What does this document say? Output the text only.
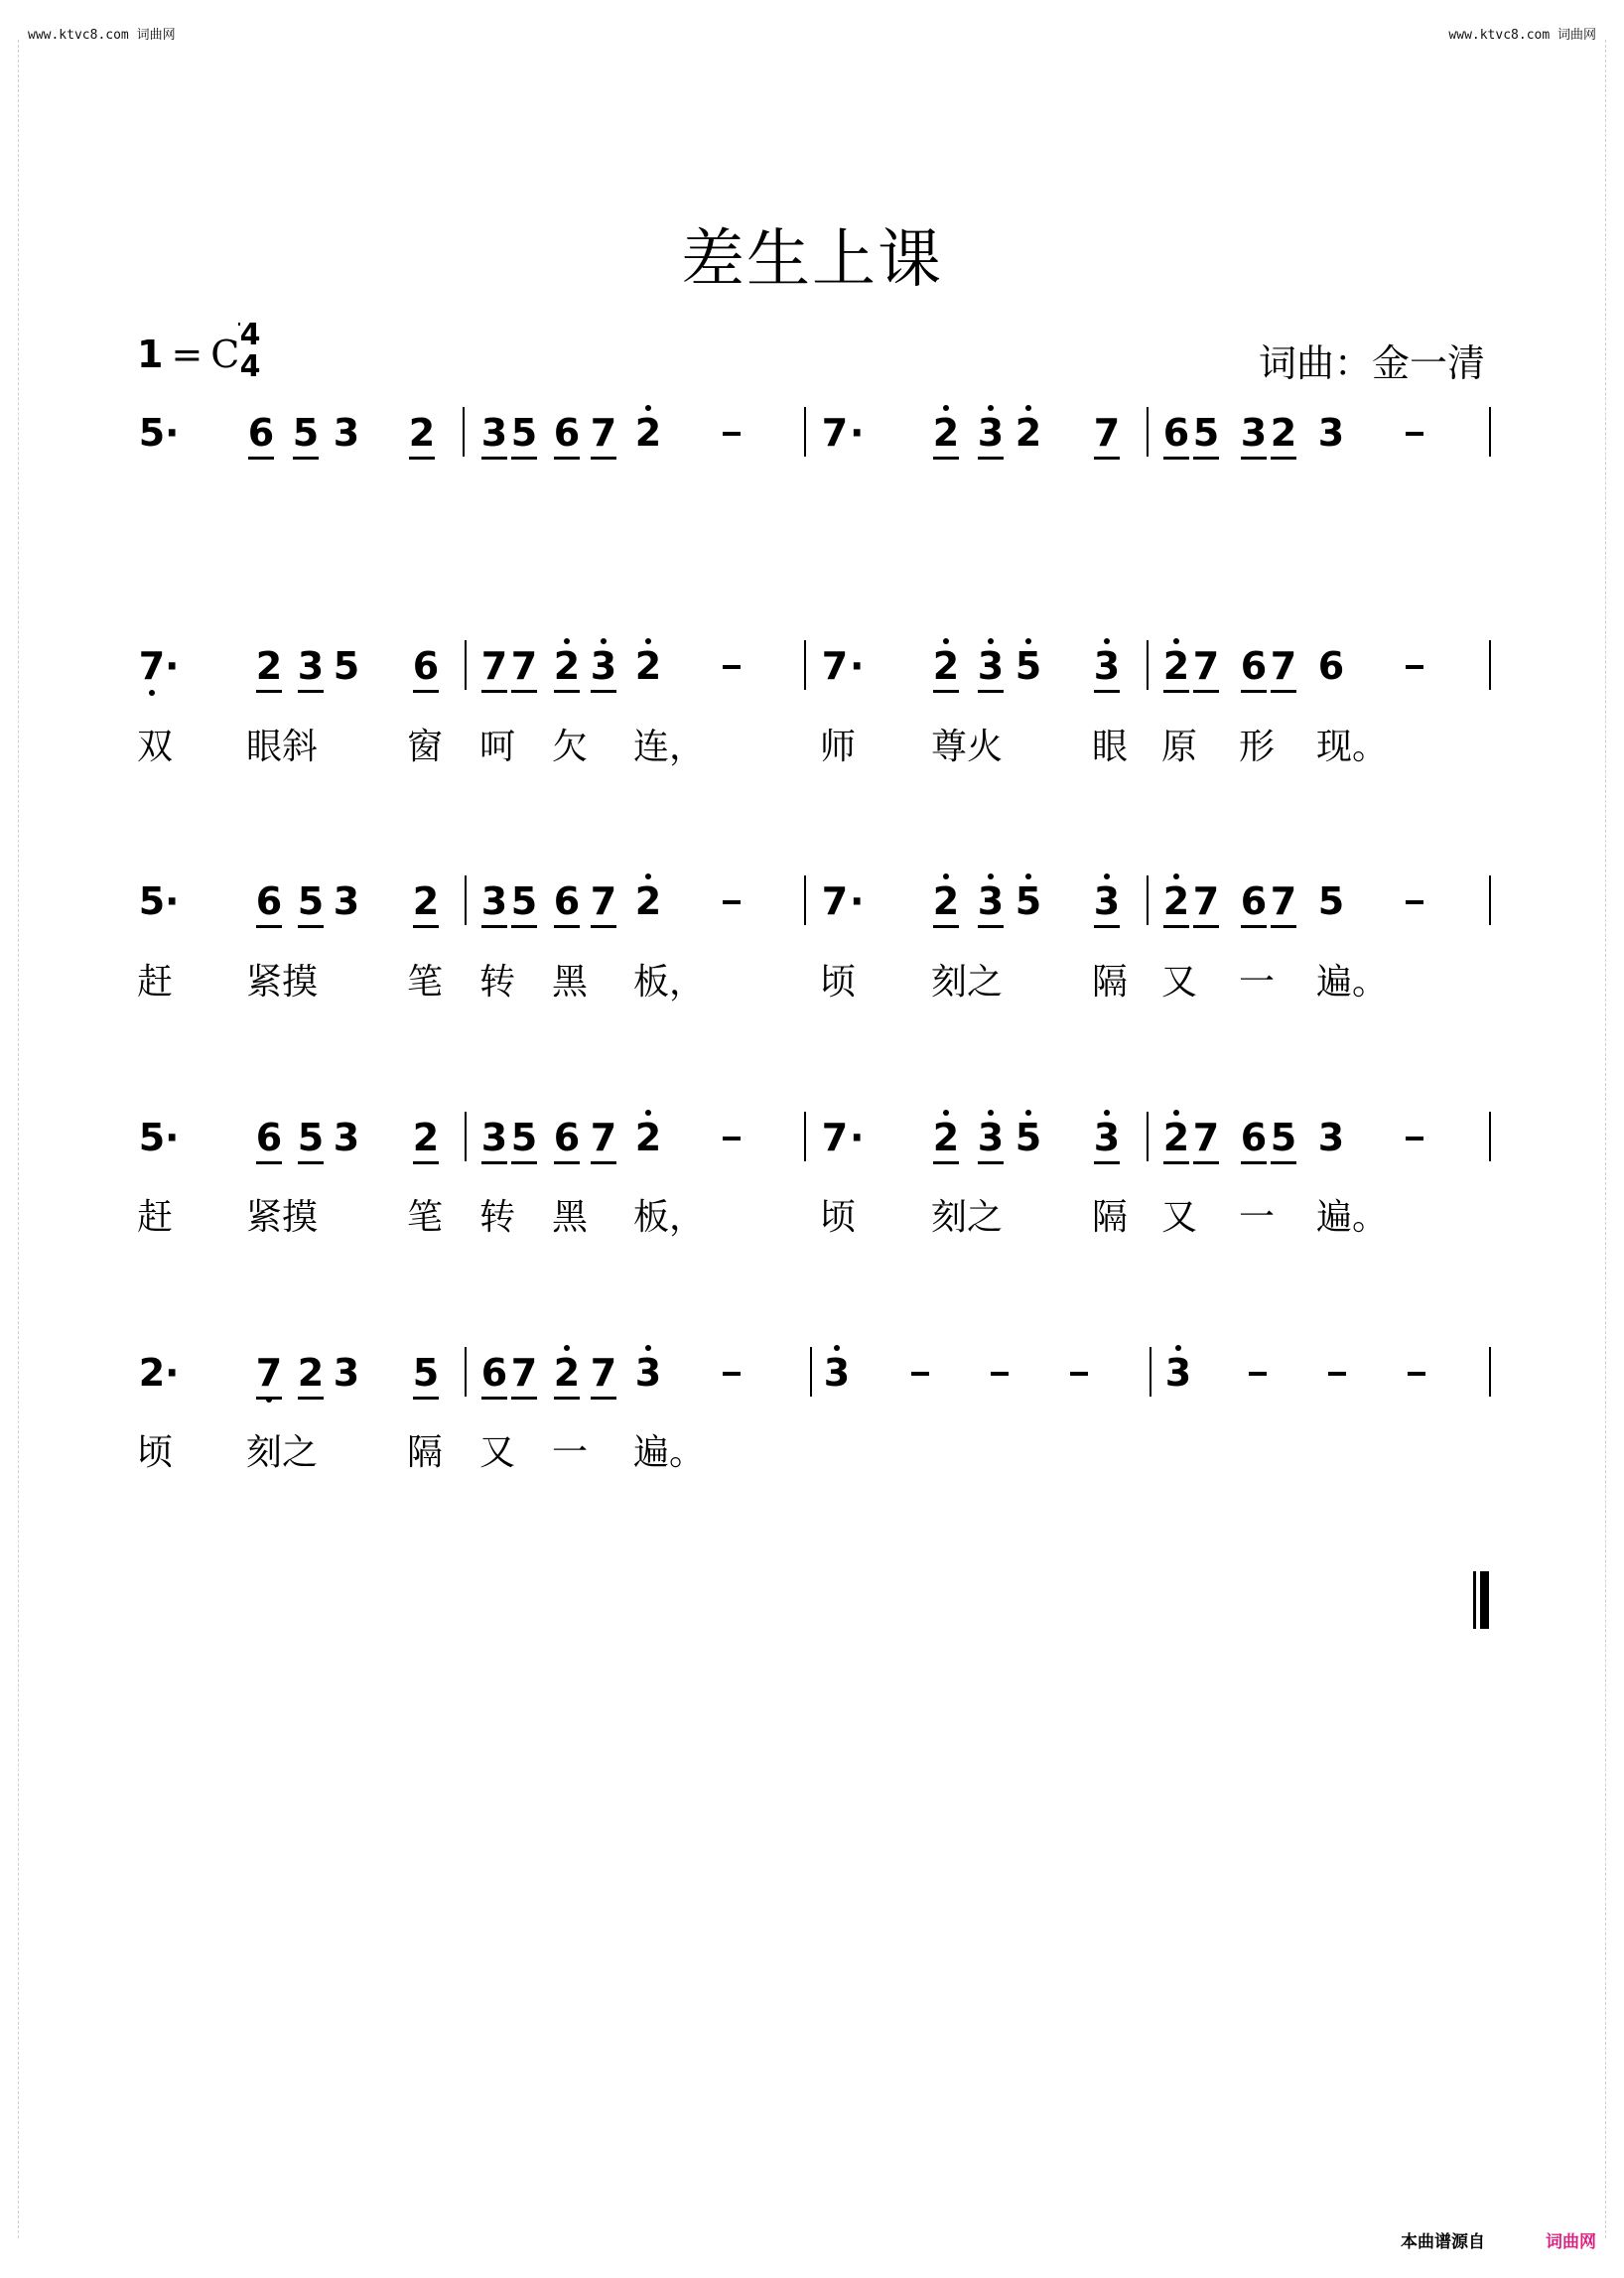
www.ktvc8.com 词曲网	www.ktvc8.com 词曲网
差生上课
1 = C 4
4	词曲：金一清
5 · 6 5 3 2 3 5 6 7 2	7 · 2 3 2 7 6 5 3 2 3
7 · 2 3 5 6 7 7 2 3 2	7 · 2 3 5 3 2 7 6 7 6
5 · 6 5 3 2 3 5 6 7 2	7 · 2 3 5 3 2 7 6 7 5
5 · 6 5 3 2 3 5 6 7 2	7 · 2 3 5 3 2 7 6 5 3
2 · 7 2 3 5 6 7 2 7 3	3	3
双 眼斜 窗 呵 欠 连，	师 尊火 眼 原 形 现。
赶 紧摸 笔 转 黑 板，	顷 刻之 隔 又 一 遍。
赶 紧摸 笔 转 黑 板，	顷 刻之 隔 又 一 遍。
顷 刻之 隔 又 一 遍。
本曲谱源自	词曲网
